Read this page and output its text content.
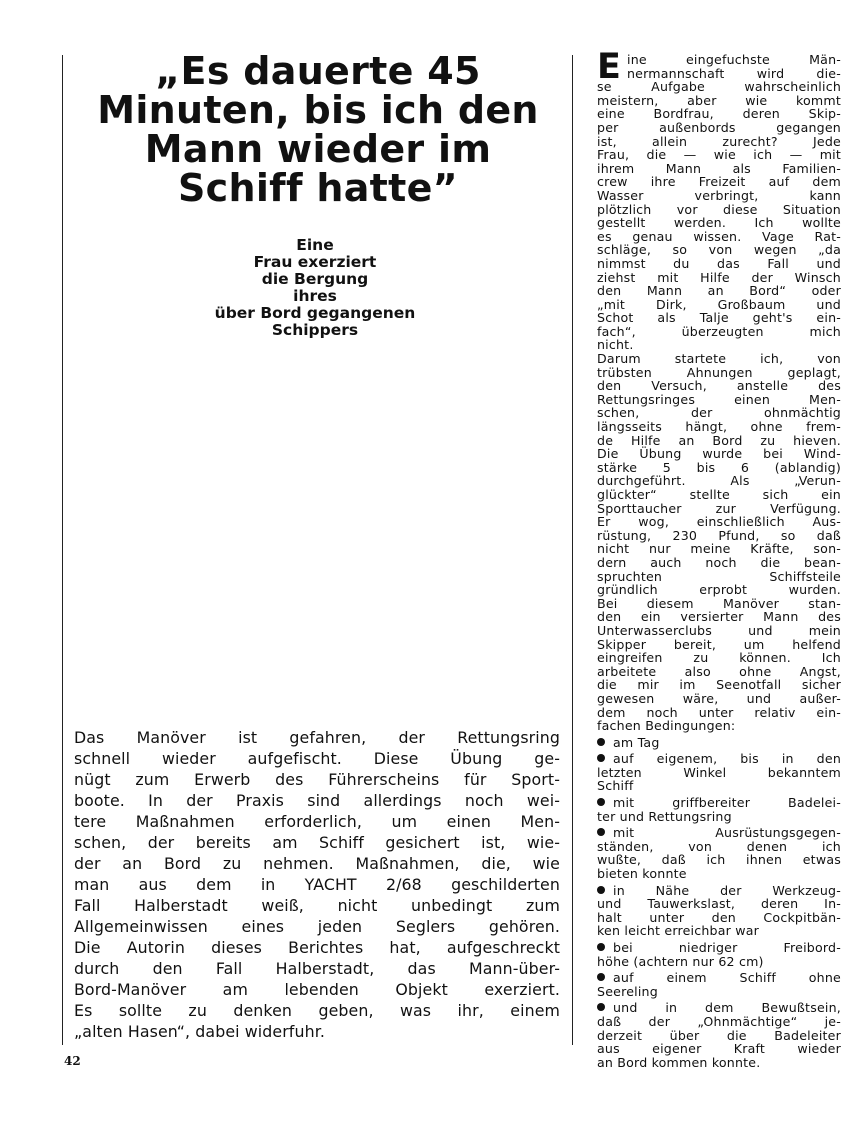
„Es dauerte 45 Minuten, bis ich den Mann wieder im Schiff hatte”
Eine
Frau exerziert
die Bergung
ihres
über Bord gegangenen
Schippers
Das Manöver ist gefahren, der Rettungsring
schnell wieder aufgefischt. Diese Übung ge-
nügt zum Erwerb des Führerscheins für Sport-
boote. In der Praxis sind allerdings noch wei-
tere Maßnahmen erforderlich, um einen Men-
schen, der bereits am Schiff gesichert ist, wie-
der an Bord zu nehmen. Maßnahmen, die, wie
man aus dem in YACHT 2/68 geschilderten
Fall Halberstadt weiß, nicht unbedingt zum
Allgemeinwissen eines jeden Seglers gehören.
Die Autorin dieses Berichtes hat, aufgeschreckt
durch den Fall Halberstadt, das Mann-über-
Bord-Manöver am lebenden Objekt exerziert.
Es sollte zu denken geben, was ihr, einem
„alten Hasen“, dabei widerfuhr.
42
E ine eingefuchste Män-
nermannschaft wird die-
se Aufgabe wahrscheinlich
meistern, aber wie kommt
eine Bordfrau, deren Skip-
per außenbords gegangen
ist, allein zurecht? Jede
Frau, die — wie ich — mit
ihrem Mann als Familien-
crew ihre Freizeit auf dem
Wasser verbringt, kann
plötzlich vor diese Situation
gestellt werden. Ich wollte
es genau wissen. Vage Rat-
schläge, so von wegen „da
nimmst du das Fall und
ziehst mit Hilfe der Winsch
den Mann an Bord“ oder
„mit Dirk, Großbaum und
Schot als Talje geht's ein-
fach“, überzeugten mich
nicht.
Darum startete ich, von
trübsten Ahnungen geplagt,
den Versuch, anstelle des
Rettungsringes einen Men-
schen, der ohnmächtig
längsseits hängt, ohne frem-
de Hilfe an Bord zu hieven.
Die Übung wurde bei Wind-
stärke 5 bis 6 (ablandig)
durchgeführt. Als „Verun-
glückter“ stellte sich ein
Sporttaucher zur Verfügung.
Er wog, einschließlich Aus-
rüstung, 230 Pfund, so daß
nicht nur meine Kräfte, son-
dern auch noch die bean-
spruchten Schiffsteile
gründlich erprobt wurden.
Bei diesem Manöver stan-
den ein versierter Mann des
Unterwasserclubs und mein
Skipper bereit, um helfend
eingreifen zu können. Ich
arbeitete also ohne Angst,
die mir im Seenotfall sicher
gewesen wäre, und außer-
dem noch unter relativ ein-
fachen Bedingungen:
am Tag
auf eigenem, bis in den
letzten Winkel bekanntem
Schiff
mit griffbereiter Badelei-
ter und Rettungsring
mit Ausrüstungsgegen-
ständen, von denen ich
wußte, daß ich ihnen etwas
bieten konnte
in Nähe der Werkzeug-
und Tauwerkslast, deren In-
halt unter den Cockpitbän-
ken leicht erreichbar war
bei niedriger Freibord-
höhe (achtern nur 62 cm)
auf einem Schiff ohne
Seereling
und in dem Bewußtsein,
daß der „Ohnmächtige“ je-
derzeit über die Badeleiter
aus eigener Kraft wieder
an Bord kommen konnte.
